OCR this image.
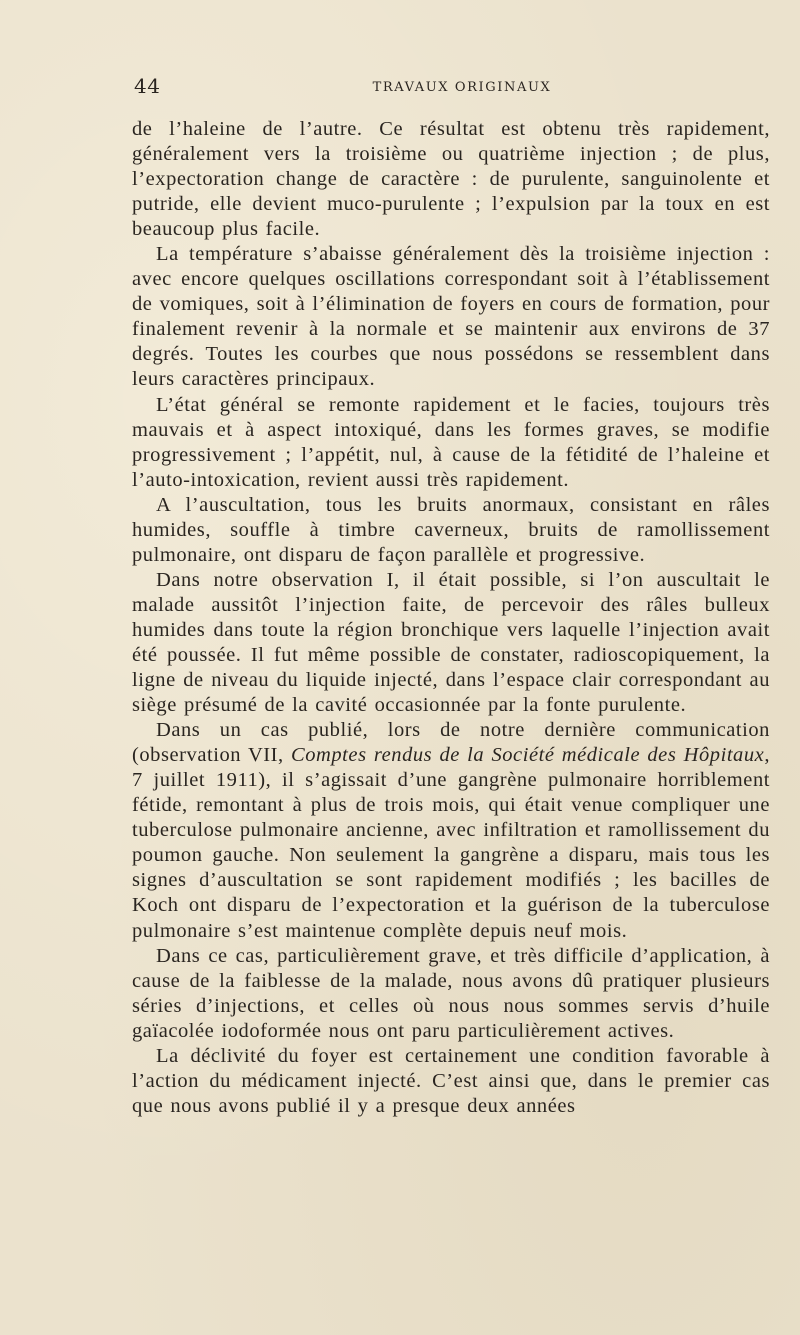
44	TRAVAUX ORIGINAUX

de l’haleine de l’autre. Ce résultat est obtenu très rapidement, généralement vers la troisième ou quatrième injection ; de plus, l’expectoration change de caractère : de purulente, sanguinolente et putride, elle devient muco-purulente ; l’expulsion par la toux en est beaucoup plus facile.

La température s’abaisse généralement dès la troisième injection : avec encore quelques oscillations correspondant soit à l’établissement de vomiques, soit à l’élimination de foyers en cours de formation, pour finalement revenir à la normale et se maintenir aux environs de 37 degrés. Toutes les courbes que nous possédons se ressemblent dans leurs caractères principaux.

L’état général se remonte rapidement et le facies, toujours très mauvais et à aspect intoxiqué, dans les formes graves, se modifie progressivement ; l’appétit, nul, à cause de la fétidité de l’haleine et l’auto-intoxication, revient aussi très rapidement.

A l’auscultation, tous les bruits anormaux, consistant en râles humides, souffle à timbre caverneux, bruits de ramollissement pulmonaire, ont disparu de façon parallèle et progressive.

Dans notre observation I, il était possible, si l’on auscultait le malade aussitôt l’injection faite, de percevoir des râles bulleux humides dans toute la région bronchique vers laquelle l’injection avait été poussée. Il fut même possible de constater, radioscopiquement, la ligne de niveau du liquide injecté, dans l’espace clair correspondant au siège présumé de la cavité occasionnée par la fonte purulente.

Dans un cas publié, lors de notre dernière communication (observation VII, Comptes rendus de la Société médicale des Hôpitaux, 7 juillet 1911), il s’agissait d’une gangrène pulmonaire horriblement fétide, remontant à plus de trois mois, qui était venue compliquer une tuberculose pulmonaire ancienne, avec infiltration et ramollissement du poumon gauche. Non seulement la gangrène a disparu, mais tous les signes d’auscultation se sont rapidement modifiés ; les bacilles de Koch ont disparu de l’expectoration et la guérison de la tuberculose pulmonaire s’est maintenue complète depuis neuf mois.

Dans ce cas, particulièrement grave, et très difficile d’application, à cause de la faiblesse de la malade, nous avons dû pratiquer plusieurs séries d’injections, et celles où nous nous sommes servis d’huile gaïacolée iodoformée nous ont paru particulièrement actives.

La déclivité du foyer est certainement une condition favorable à l’action du médicament injecté. C’est ainsi que, dans le premier cas que nous avons publié il y a presque deux années
